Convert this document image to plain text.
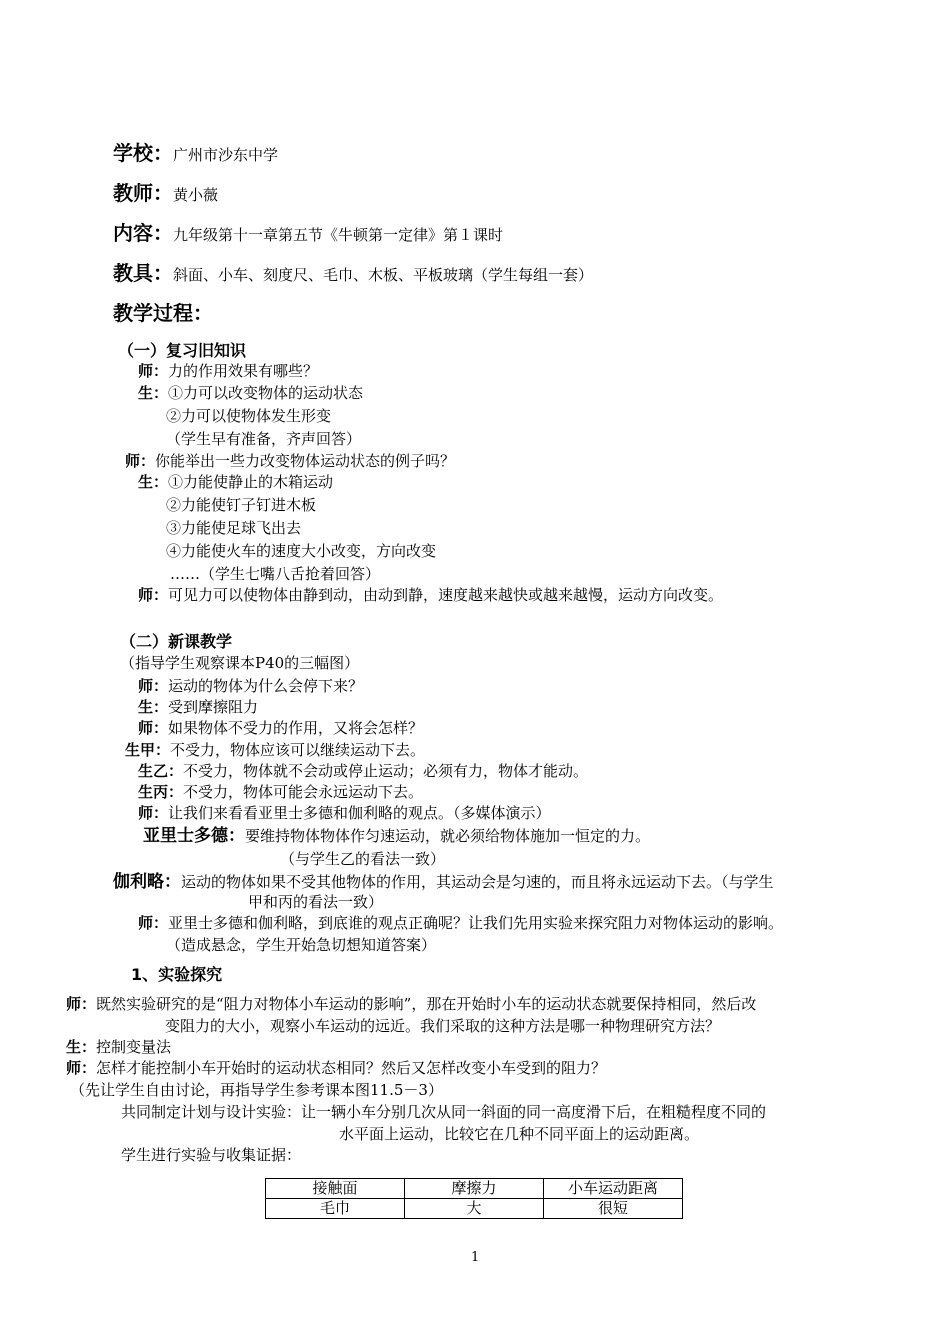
学校：广州市沙东中学
教师：黄小薇
内容：九年级第十一章第五节《牛顿第一定律》第１课时
教具：斜面、小车、刻度尺、毛巾、木板、平板玻璃（学生每组一套）
教学过程：
（一）复习旧知识
师：力的作用效果有哪些？
生：①力可以改变物体的运动状态
②力可以使物体发生形变
（学生早有准备，齐声回答）
师：你能举出一些力改变物体运动状态的例子吗？
生：①力能使静止的木箱运动
②力能使钉子钉进木板
③力能使足球飞出去
④力能使火车的速度大小改变，方向改变
……（学生七嘴八舌抢着回答）
师：可见力可以使物体由静到动，由动到静，速度越来越快或越来越慢，运动方向改变。
（二）新课教学
（指导学生观察课本P40的三幅图）
师：运动的物体为什么会停下来？
生：受到摩擦阻力
师：如果物体不受力的作用，又将会怎样？
生甲：不受力，物体应该可以继续运动下去。
生乙：不受力，物体就不会动或停止运动；必须有力，物体才能动。
生丙：不受力，物体可能会永远运动下去。
师：让我们来看看亚里士多德和伽利略的观点。（多媒体演示）
亚里士多德：要维持物体物体作匀速运动，就必须给物体施加一恒定的力。
（与学生乙的看法一致）
伽利略：运动的物体如果不受其他物体的作用，其运动会是匀速的，而且将永远运动下去。（与学生
甲和丙的看法一致）
师：亚里士多德和伽利略，到底谁的观点正确呢？让我们先用实验来探究阻力对物体运动的影响。
（造成悬念，学生开始急切想知道答案）
1、实验探究
师：既然实验研究的是“阻力对物体小车运动的影响”，那在开始时小车的运动状态就要保持相同，然后改
变阻力的大小，观察小车运动的远近。我们采取的这种方法是哪一种物理研究方法？
生：控制变量法
师：怎样才能控制小车开始时的运动状态相同？然后又怎样改变小车受到的阻力？
（先让学生自由讨论，再指导学生参考课本图11.5－3）
共同制定计划与设计实验：让一辆小车分别几次从同一斜面的同一高度滑下后，在粗糙程度不同的
水平面上运动，比较它在几种不同平面上的运动距离。
学生进行实验与收集证据：
接触面	摩擦力	小车运动距离
毛巾	大	很短
1
